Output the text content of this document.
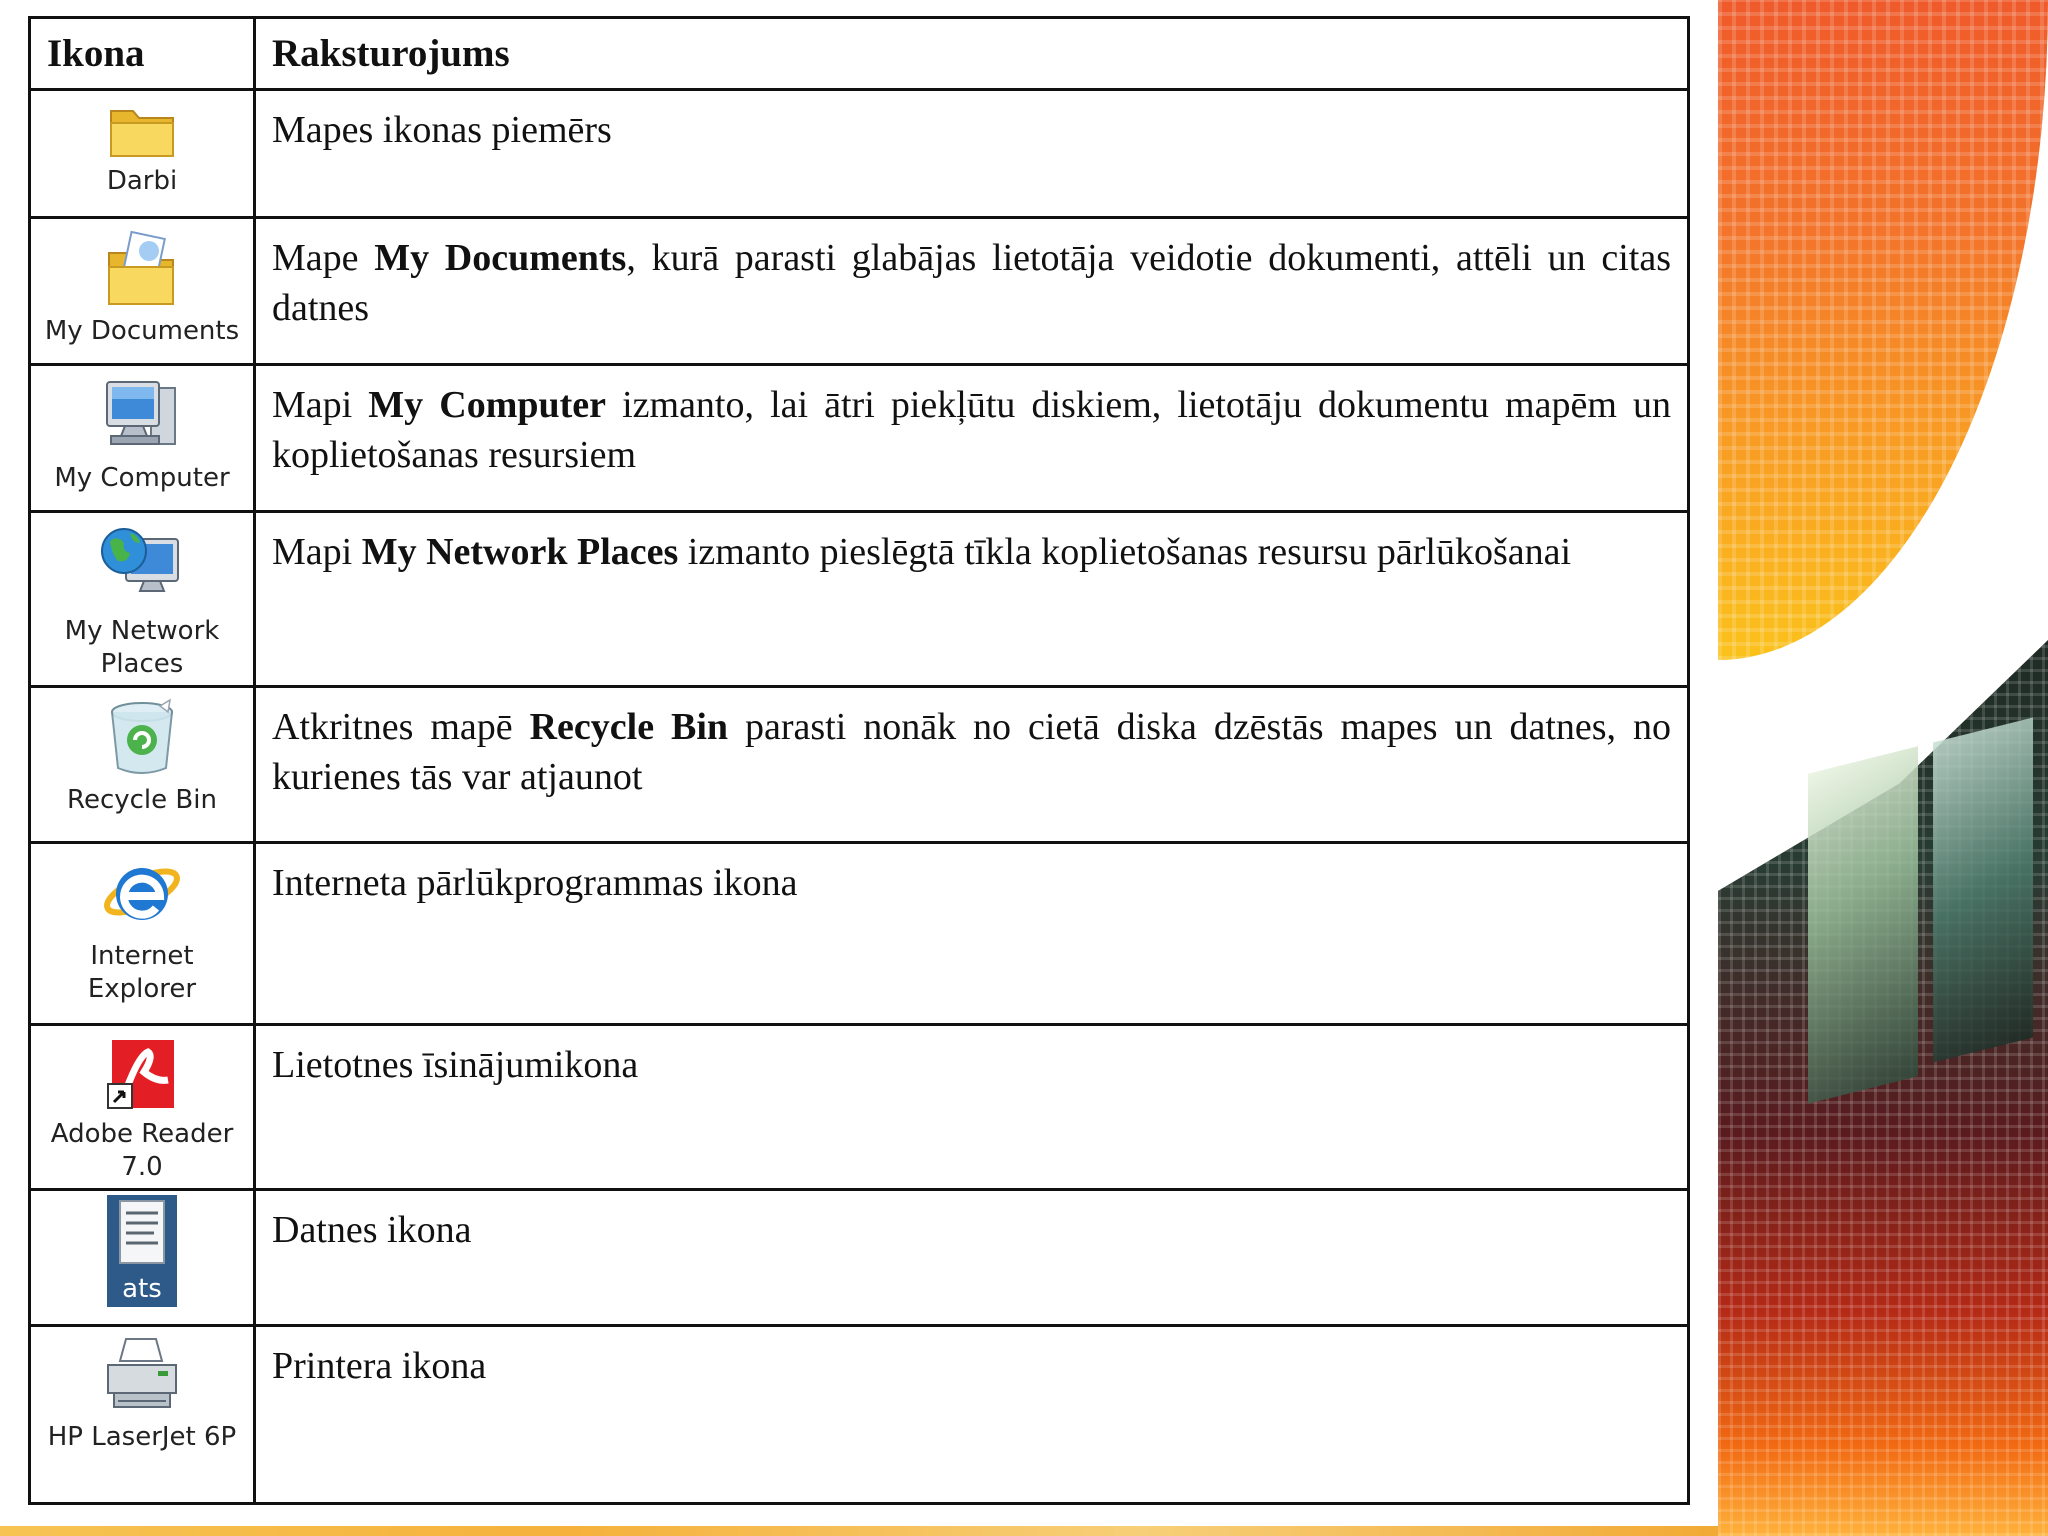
Ikona	Raksturojums

Darbi	Mapes ikonas piemērs

My Documents	Mape My Documents, kurā parasti glabājas lietotāja veidotie dokumenti, attēli un citas datnes

My Computer	Mapi My Computer izmanto, lai ātri piekļūtu diskiem, lietotāju dokumentu mapēm un koplietošanas resursiem

My Network Places	Mapi My Network Places izmanto pieslēgtā tīkla koplietošanas resursu pārlūkošanai

Recycle Bin	Atkritnes mapē Recycle Bin parasti nonāk no cietā diska dzēstās mapes un datnes, no kurienes tās var atjaunot

Internet Explorer	Interneta pārlūkprogrammas ikona

Adobe Reader 7.0	Lietotnes īsinājumikona

ats	Datnes ikona

HP LaserJet 6P	Printera ikona
